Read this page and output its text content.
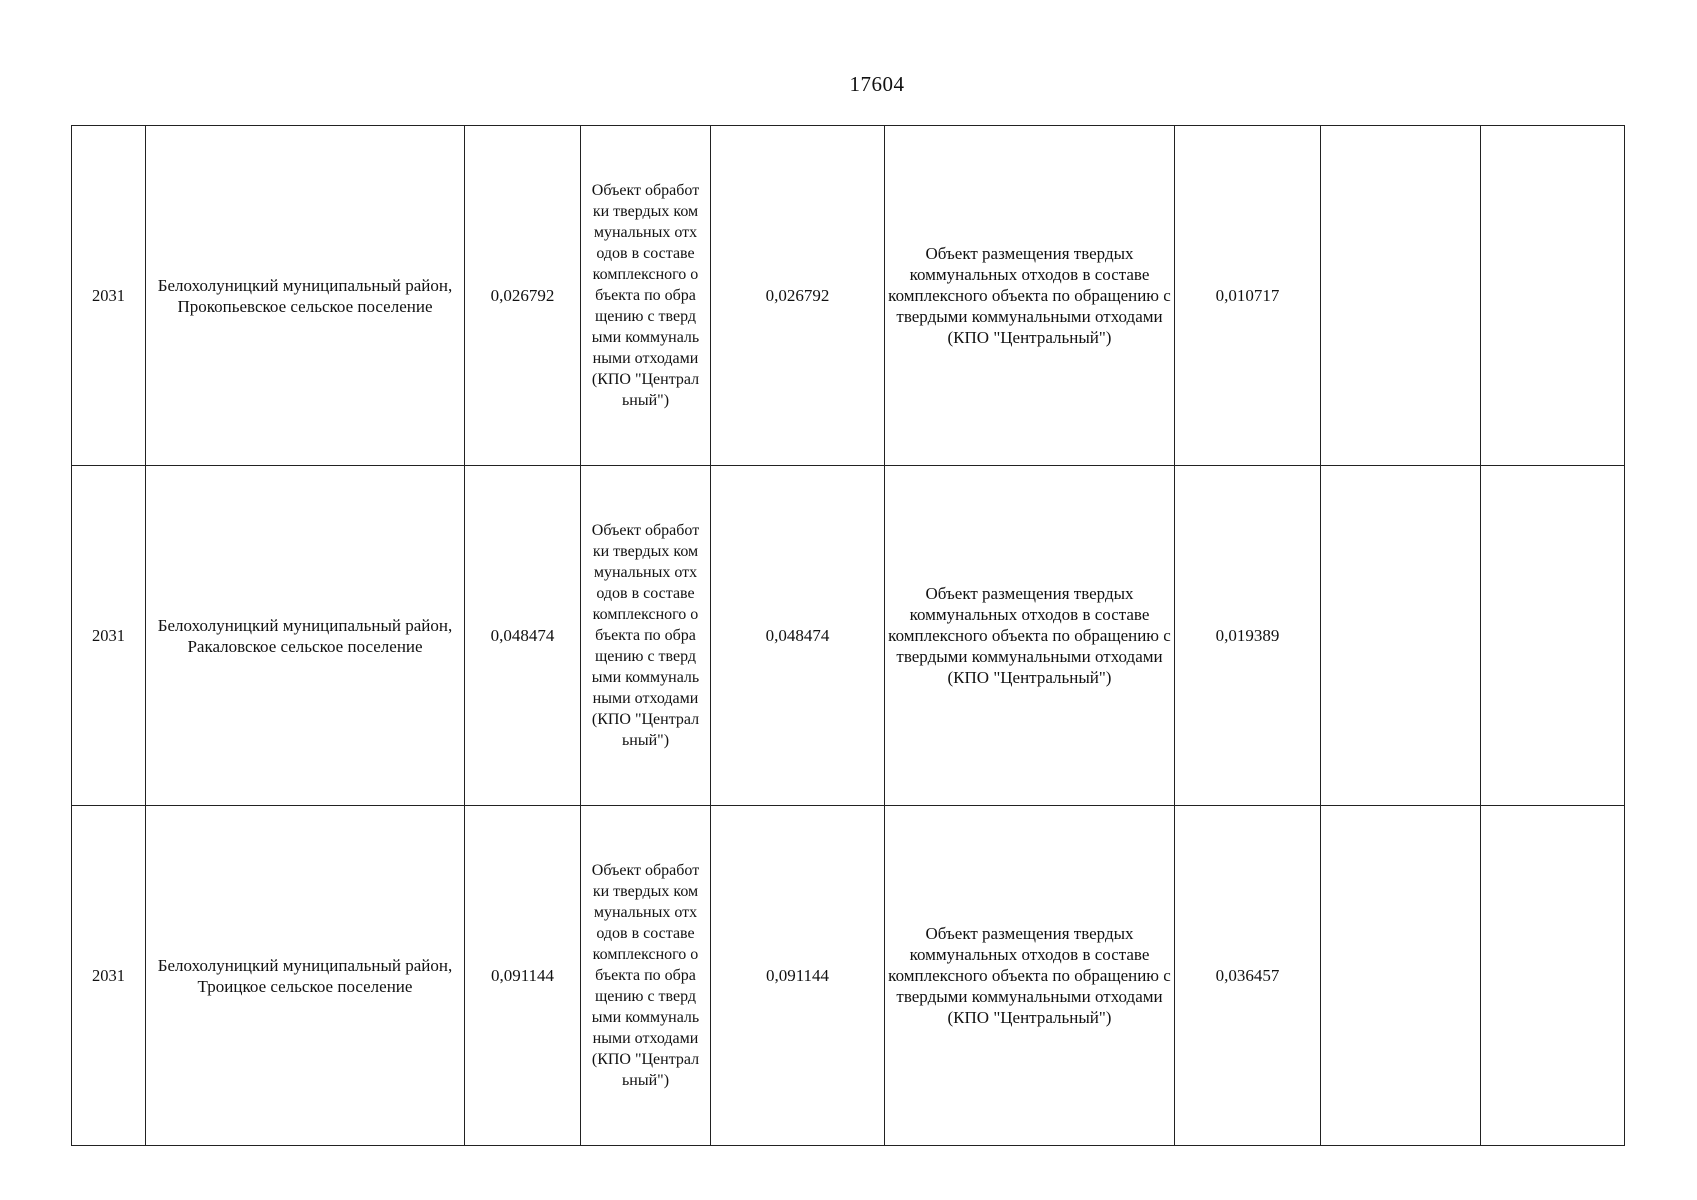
17604
2031	Белохолуницкий муниципальный район, Прокопьевское сельское поселение	0,026792	Объект обработки твердых коммунальных отходов в составе комплексного объекта по обращению с твердыми коммунальными отходами (КПО "Центральный")	0,026792	Объект размещения твердых коммунальных отходов в составе комплексного объекта по обращению с твердыми коммунальными отходами (КПО "Центральный")	0,010717		

2031	Белохолуницкий муниципальный район, Ракаловское сельское поселение	0,048474	Объект обработки твердых коммунальных отходов в составе комплексного объекта по обращению с твердыми коммунальными отходами (КПО "Центральный")	0,048474	Объект размещения твердых коммунальных отходов в составе комплексного объекта по обращению с твердыми коммунальными отходами (КПО "Центральный")	0,019389		

2031	Белохолуницкий муниципальный район, Троицкое сельское поселение	0,091144	Объект обработки твердых коммунальных отходов в составе комплексного объекта по обращению с твердыми коммунальными отходами (КПО "Центральный")	0,091144	Объект размещения твердых коммунальных отходов в составе комплексного объекта по обращению с твердыми коммунальными отходами (КПО "Центральный")	0,036457		
